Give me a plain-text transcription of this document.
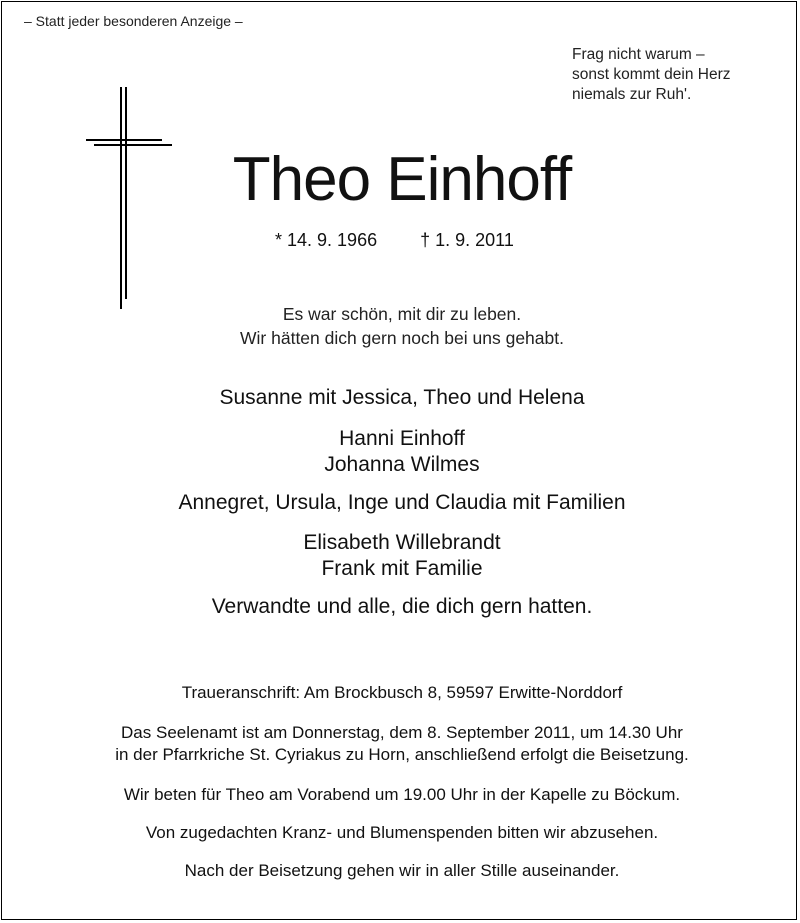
– Statt jeder besonderen Anzeige –
Frag nicht warum –
sonst kommt dein Herz
niemals zur Ruh'.
Theo Einhoff
* 14. 9. 1966 † 1. 9. 2011
Es war schön, mit dir zu leben.
Wir hätten dich gern noch bei uns gehabt.
Susanne mit Jessica, Theo und Helena
Hanni Einhoff
Johanna Wilmes
Annegret, Ursula, Inge und Claudia mit Familien
Elisabeth Willebrandt
Frank mit Familie
Verwandte und alle, die dich gern hatten.
Traueranschrift: Am Brockbusch 8, 59597 Erwitte-Norddorf
Das Seelenamt ist am Donnerstag, dem 8. September 2011, um 14.30 Uhr
in der Pfarrkriche St. Cyriakus zu Horn, anschließend erfolgt die Beisetzung.
Wir beten für Theo am Vorabend um 19.00 Uhr in der Kapelle zu Böckum.
Von zugedachten Kranz- und Blumenspenden bitten wir abzusehen.
Nach der Beisetzung gehen wir in aller Stille auseinander.
